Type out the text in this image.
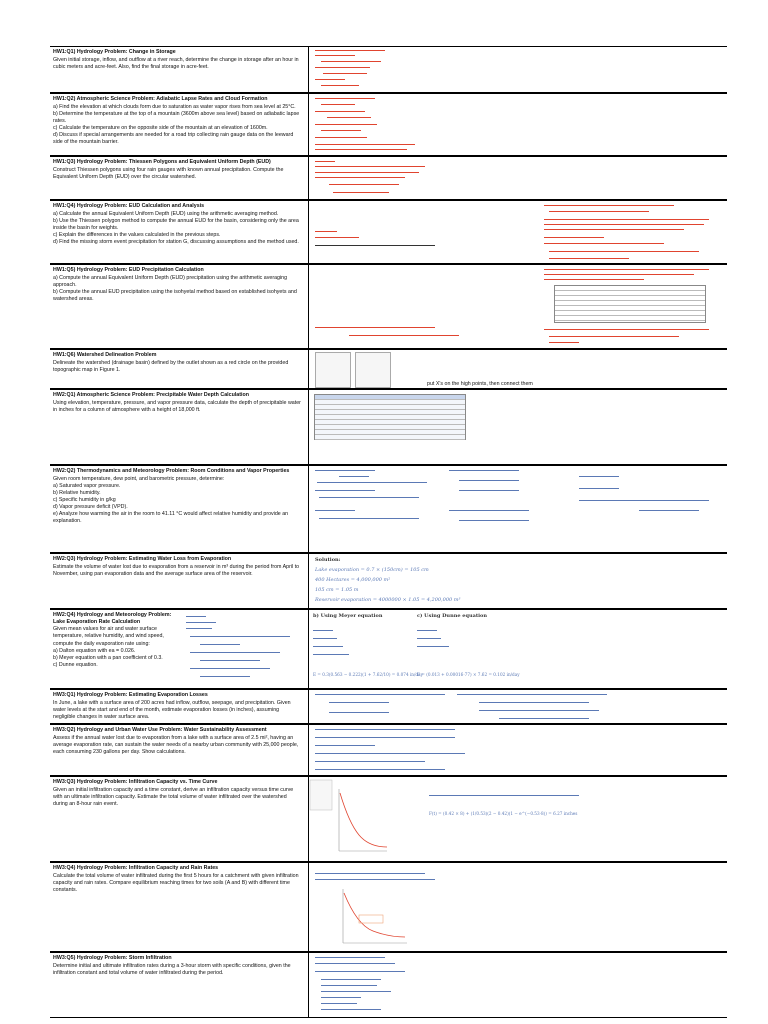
HW1:Q1) Hydrology Problem: Change in Storage
Given initial storage, inflow, and outflow at a river reach, determine the change in storage after an hour in cubic meters and acre-feet. Also, find the final storage in acre-feet.
HW1:Q2) Atmospheric Science Problem: Adiabatic Lapse Rates and Cloud Formation
a) Find the elevation at which clouds form due to saturation as water vapor rises from sea level at 25°C.
b) Determine the temperature at the top of a mountain (3600m above sea level) based on adiabatic lapse rates.
c) Calculate the temperature on the opposite side of the mountain at an elevation of 1600m.
d) Discuss if special arrangements are needed for a road trip collecting rain gauge data on the leeward side of the mountain barrier.
HW1:Q3) Hydrology Problem: Thiessen Polygons and Equivalent Uniform Depth (EUD)
Construct Thiessen polygons using four rain gauges with known annual precipitation. Compute the Equivalent Uniform Depth (EUD) over the circular watershed.
HW1:Q4) Hydrology Problem: EUD Calculation and Analysis
a) Calculate the annual Equivalent Uniform Depth (EUD) using the arithmetic averaging method.
b) Use the Thiessen polygon method to compute the annual EUD for the basin, considering only the area inside the basin for weights.
c) Explain the differences in the values calculated in the previous steps.
d) Find the missing storm event precipitation for station G, discussing assumptions and the method used.
HW1:Q5) Hydrology Problem: EUD Precipitation Calculation
a) Compute the annual Equivalent Uniform Depth (EUD) precipitation using the arithmetic averaging approach.
b) Compute the annual EUD precipitation using the isohyetal method based on established isohyets and watershed areas.
HW1:Q6) Watershed Delineation Problem
Delineate the watershed (drainage basin) defined by the outlet shown as a red circle on the provided topographic map in Figure 1.
put X's on the high points, then connect them
HW2:Q1) Atmospheric Science Problem: Precipitable Water Depth Calculation
Using elevation, temperature, pressure, and vapor pressure data, calculate the depth of precipitable water in inches for a column of atmosphere with a height of 18,000 ft.
HW2:Q2) Thermodynamics and Meteorology Problem: Room Conditions and Vapor Properties
Given room temperature, dew point, and barometric pressure, determine:
a) Saturated vapor pressure.
b) Relative humidity.
c) Specific humidity in g/kg
d) Vapor pressure deficit (VPD).
e) Analyze how warming the air in the room to 41.11 °C would affect relative humidity and provide an explanation.
HW2:Q3) Hydrology Problem: Estimating Water Loss from Evaporation
Estimate the volume of water lost due to evaporation from a reservoir in m³ during the period from April to November, using pan evaporation data and the average surface area of the reservoir.
Solution:
Lake evaporation = 0.7 × (150cm) = 105 cm
400 Hectares = 4,000,000 m²
105 cm = 1.05 m
Reservoir evaporation = 4000000 × 1.05 = 4,200,000 m³
HW2:Q4) Hydrology and Meteorology Problem: Lake Evaporation Rate Calculation
Given mean values for air and water surface temperature, relative humidity, and wind speed, compute the daily evaporation rate using:
a) Dalton equation with ea = 0.026.
b) Meyer equation with a pan coefficient of 0.3.
c) Dunne equation.
b) Using Meyer equation	c) Using Dunne equation
E = 0.3(0.563 − 0.222)(1 + 7.62/10) = 0.074 in/day
E = (0.013 + 0.00016·77) × 7.62 = 0.102 in/day
HW3:Q1) Hydrology Problem: Estimating Evaporation Losses
In June, a lake with a surface area of 200 acres had inflow, outflow, seepage, and precipitation. Given water levels at the start and end of the month, estimate evaporation losses (in inches), assuming negligible changes in water surface area.
HW3:Q2) Hydrology and Urban Water Use Problem: Water Sustainability Assessment
Assess if the annual water lost due to evaporation from a lake with a surface area of 2.5 mi², having an average evaporation rate, can sustain the water needs of a nearby urban community with 25,000 people, each consuming 230 gallons per day. Show calculations.
HW3:Q3) Hydrology Problem: Infiltration Capacity vs. Time Curve
Given an initial infiltration capacity and a time constant, derive an infiltration capacity versus time curve with an ultimate infiltration capacity. Estimate the total volume of water infiltrated over the watershed during an 8-hour rain event.
F(t) = (0.42 × 8) + (1/0.53)(2 − 0.42)(1 − e^(−0.53·8)) = 6.27 inches
HW3:Q4) Hydrology Problem: Infiltration Capacity and Rain Rates
Calculate the total volume of water infiltrated during the first 5 hours for a catchment with given infiltration capacity and rain rates. Compare equilibrium reaching times for two soils (A and B) with different time constants.
HW3:Q5) Hydrology Problem: Storm Infiltration
Determine initial and ultimate infiltration rates during a 3-hour storm with specific conditions, given the infiltration constant and total volume of water infiltrated during the period.
